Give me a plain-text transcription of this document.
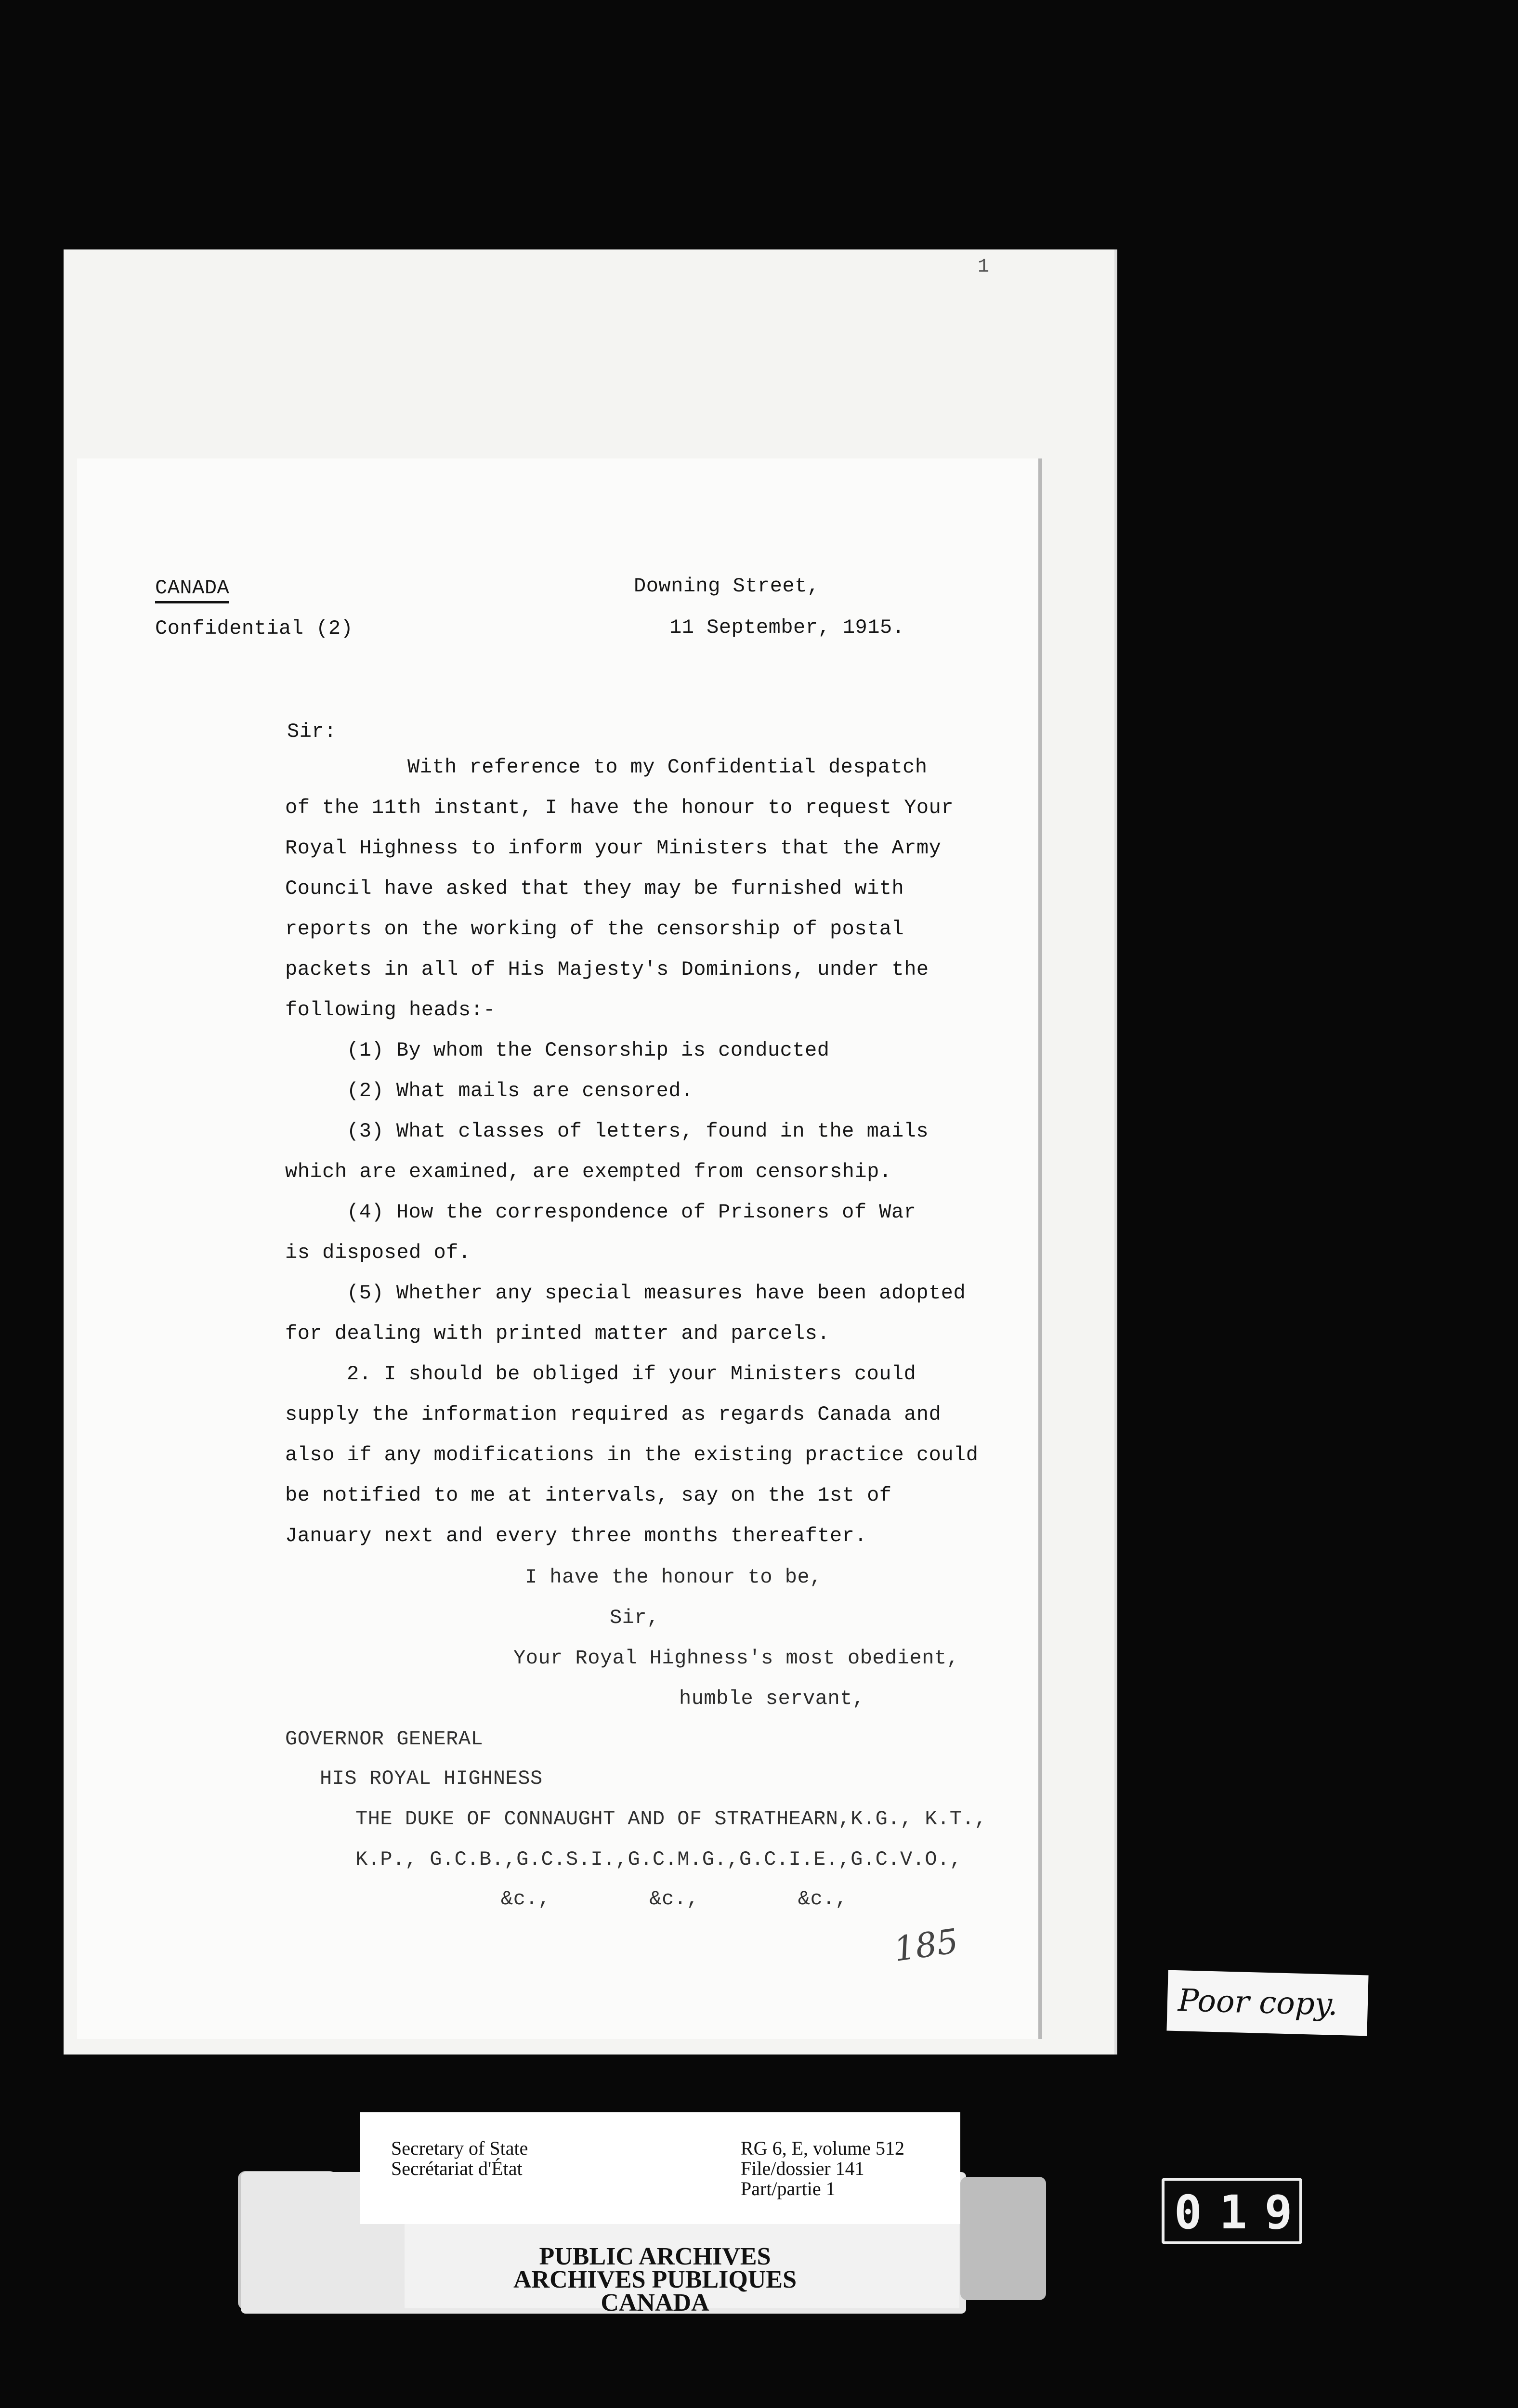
1
CANADA
Confidential (2)
Downing Street,
11 September, 1915.
Sir:
With reference to my Confidential despatch
of the 11th instant, I have the honour to request Your
Royal Highness to inform your Ministers that the Army
Council have asked that they may be furnished with
reports on the working of the censorship of postal
packets in all of His Majesty's Dominions, under the
following heads:-
(1) By whom the Censorship is conducted
(2) What mails are censored.
(3) What classes of letters, found in the mails
which are examined, are exempted from censorship.
(4) How the correspondence of Prisoners of War
is disposed of.
(5) Whether any special measures have been adopted
for dealing with printed matter and parcels.
2. I should be obliged if your Ministers could
supply the information required as regards Canada and
also if any modifications in the existing practice could
be notified to me at intervals, say on the 1st of
January next and every three months thereafter.
I have the honour to be,
Sir,
Your Royal Highness's most obedient,
humble servant,
GOVERNOR GENERAL
HIS ROYAL HIGHNESS
THE DUKE OF CONNAUGHT AND OF STRATHEARN,K.G., K.T.,
K.P., G.C.B.,G.C.S.I.,G.C.M.G.,G.C.I.E.,G.C.V.O.,
&c.,        &c.,        &c.,
185
Poor copy.
Secretary of State
Secrétariat d'État
RG 6, E, volume 512
File/dossier 141
Part/partie 1
PUBLIC ARCHIVES
ARCHIVES PUBLIQUES
CANADA
019
